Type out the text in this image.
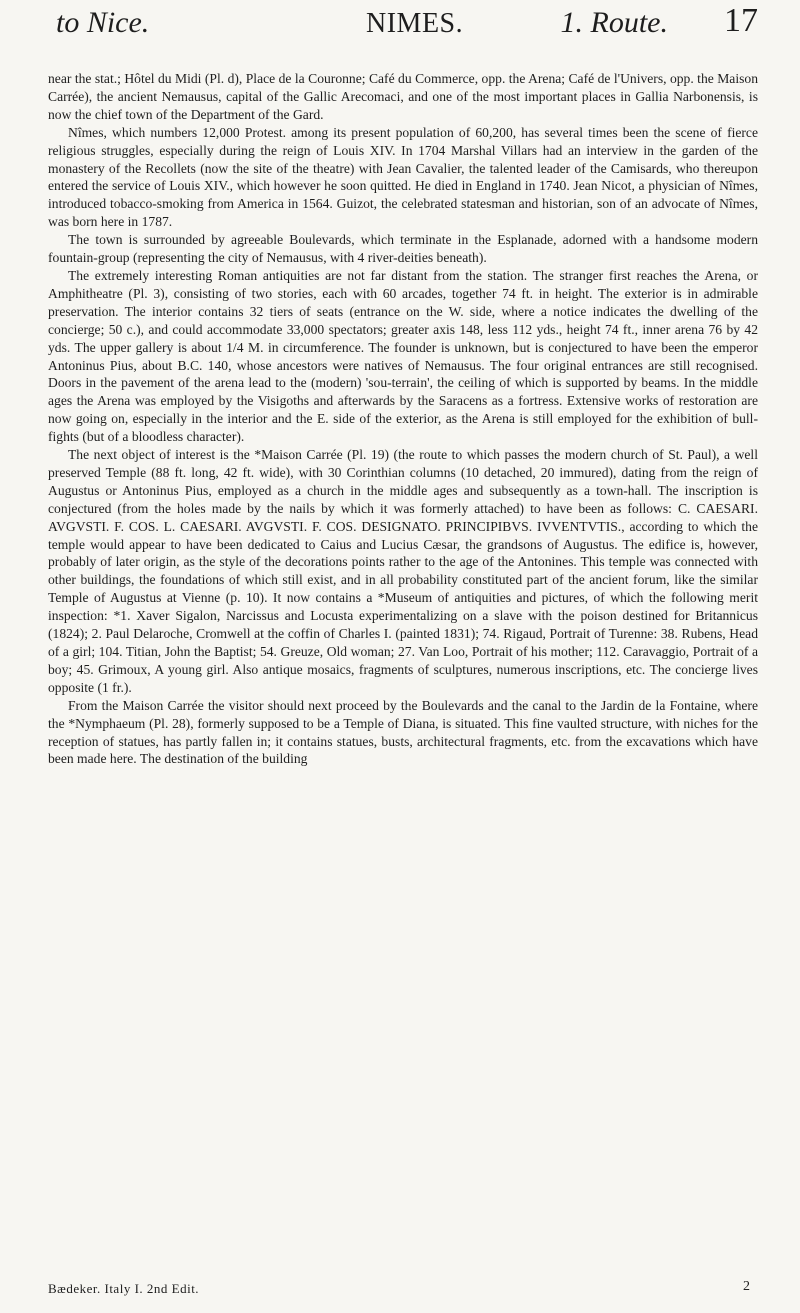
to Nice.	NIMES.	1. Route. 17

near the stat.; Hôtel du Midi (Pl. d), Place de la Couronne; Café du Commerce, opp. the Arena; Café de l'Univers, opp. the Maison Carrée), the ancient Nemausus, capital of the Gallic Arecomaci, and one of the most important places in Gallia Narbonensis, is now the chief town of the Department of the Gard.

Nîmes, which numbers 12,000 Protest. among its present population of 60,200, has several times been the scene of fierce religious struggles, especially during the reign of Louis XIV. In 1704 Marshal Villars had an interview in the garden of the monastery of the Recollets (now the site of the theatre) with Jean Cavalier, the talented leader of the Camisards, who thereupon entered the service of Louis XIV., which however he soon quitted. He died in England in 1740. Jean Nicot, a physician of Nîmes, introduced tobacco-smoking from America in 1564. Guizot, the celebrated statesman and historian, son of an advocate of Nîmes, was born here in 1787.

The town is surrounded by agreeable Boulevards, which terminate in the Esplanade, adorned with a handsome modern fountain-group (representing the city of Nemausus, with 4 river-deities beneath).

The extremely interesting Roman antiquities are not far distant from the station. The stranger first reaches the Arena, or Amphitheatre (Pl. 3), consisting of two stories, each with 60 arcades, together 74 ft. in height. The exterior is in admirable preservation. The interior contains 32 tiers of seats (entrance on the W. side, where a notice indicates the dwelling of the concierge; 50 c.), and could accommodate 33,000 spectators; greater axis 148, less 112 yds., height 74 ft., inner arena 76 by 42 yds. The upper gallery is about 1/4 M. in circumference. The founder is unknown, but is conjectured to have been the emperor Antoninus Pius, about B.C. 140, whose ancestors were natives of Nemausus. The four original entrances are still recognised. Doors in the pavement of the arena lead to the (modern) 'sou-terrain', the ceiling of which is supported by beams. In the middle ages the Arena was employed by the Visigoths and afterwards by the Saracens as a fortress. Extensive works of restoration are now going on, especially in the interior and the E. side of the exterior, as the Arena is still employed for the exhibition of bull-fights (but of a bloodless character).

The next object of interest is the *Maison Carrée (Pl. 19) (the route to which passes the modern church of St. Paul), a well preserved Temple (88 ft. long, 42 ft. wide), with 30 Corinthian columns (10 detached, 20 immured), dating from the reign of Augustus or Antoninus Pius, employed as a church in the middle ages and subsequently as a town-hall. The inscription is conjectured (from the holes made by the nails by which it was formerly attached) to have been as follows: C. CAESARI. AVGVSTI. F. COS. L. CAESARI. AVGVSTI. F. COS. DESIGNATO. PRINCIPIBVS. IVVENTVTIS., according to which the temple would appear to have been dedicated to Caius and Lucius Cæsar, the grandsons of Augustus. The edifice is, however, probably of later origin, as the style of the decorations points rather to the age of the Antonines. This temple was connected with other buildings, the foundations of which still exist, and in all probability constituted part of the ancient forum, like the similar Temple of Augustus at Vienne (p. 10). It now contains a *Museum of antiquities and pictures, of which the following merit inspection: *1. Xaver Sigalon, Narcissus and Locusta experimentalizing on a slave with the poison destined for Britannicus (1824); 2. Paul Delaroche, Cromwell at the coffin of Charles I. (painted 1831); 74. Rigaud, Portrait of Turenne: 38. Rubens, Head of a girl; 104. Titian, John the Baptist; 54. Greuze, Old woman; 27. Van Loo, Portrait of his mother; 112. Caravaggio, Portrait of a boy; 45. Grimoux, A young girl. Also antique mosaics, fragments of sculptures, numerous inscriptions, etc. The concierge lives opposite (1 fr.).

From the Maison Carrée the visitor should next proceed by the Boulevards and the canal to the Jardin de la Fontaine, where the *Nymphaeum (Pl. 28), formerly supposed to be a Temple of Diana, is situated. This fine vaulted structure, with niches for the reception of statues, has partly fallen in; it contains statues, busts, architectural fragments, etc. from the excavations which have been made here. The destination of the building

Bædeker. Italy I. 2nd Edit.	2
